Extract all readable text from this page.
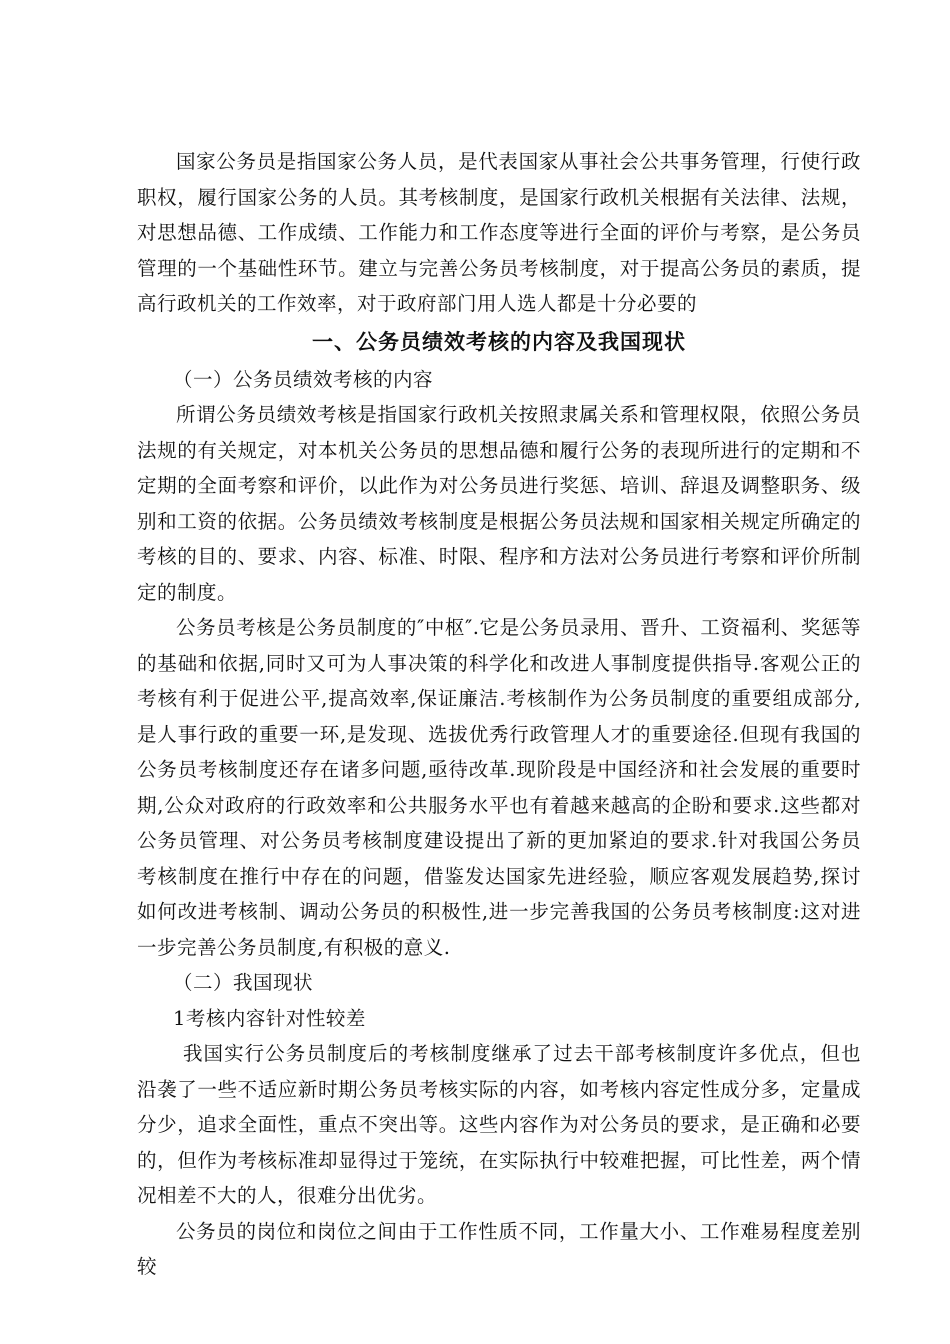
国家公务员是指国家公务人员，是代表国家从事社会公共事务管理，行使行政职权，履行国家公务的人员。其考核制度，是国家行政机关根据有关法律、法规，对思想品德、工作成绩、工作能力和工作态度等进行全面的评价与考察，是公务员管理的一个基础性环节。建立与完善公务员考核制度，对于提高公务员的素质，提高行政机关的工作效率，对于政府部门用人选人都是十分必要的

一、公务员绩效考核的内容及我国现状

（一）公务员绩效考核的内容

所谓公务员绩效考核是指国家行政机关按照隶属关系和管理权限，依照公务员法规的有关规定，对本机关公务员的思想品德和履行公务的表现所进行的定期和不定期的全面考察和评价，以此作为对公务员进行奖惩、培训、辞退及调整职务、级别和工资的依据。公务员绩效考核制度是根据公务员法规和国家相关规定所确定的考核的目的、要求、内容、标准、时限、程序和方法对公务员进行考察和评价所制定的制度。

公务员考核是公务员制度的″中枢″.它是公务员录用、晋升、工资福利、奖惩等的基础和依据,同时又可为人事决策的科学化和改进人事制度提供指导.客观公正的考核有利于促进公平,提高效率,保证廉洁.考核制作为公务员制度的重要组成部分,是人事行政的重要一环,是发现、选拔优秀行政管理人才的重要途径.但现有我国的公务员考核制度还存在诸多问题,亟待改革.现阶段是中国经济和社会发展的重要时期,公众对政府的行政效率和公共服务水平也有着越来越高的企盼和要求.这些都对公务员管理、对公务员考核制度建设提出了新的更加紧迫的要求.针对我国公务员考核制度在推行中存在的问题，借鉴发达国家先进经验，顺应客观发展趋势,探讨如何改进考核制、调动公务员的积极性,进一步完善我国的公务员考核制度:这对进一步完善公务员制度,有积极的意义.

（二）我国现状

1考核内容针对性较差

我国实行公务员制度后的考核制度继承了过去干部考核制度许多优点，但也沿袭了一些不适应新时期公务员考核实际的内容，如考核内容定性成分多，定量成分少，追求全面性，重点不突出等。这些内容作为对公务员的要求，是正确和必要的，但作为考核标准却显得过于笼统，在实际执行中较难把握，可比性差，两个情况相差不大的人，很难分出优劣。

公务员的岗位和岗位之间由于工作性质不同，工作量大小、工作难易程度差别较
